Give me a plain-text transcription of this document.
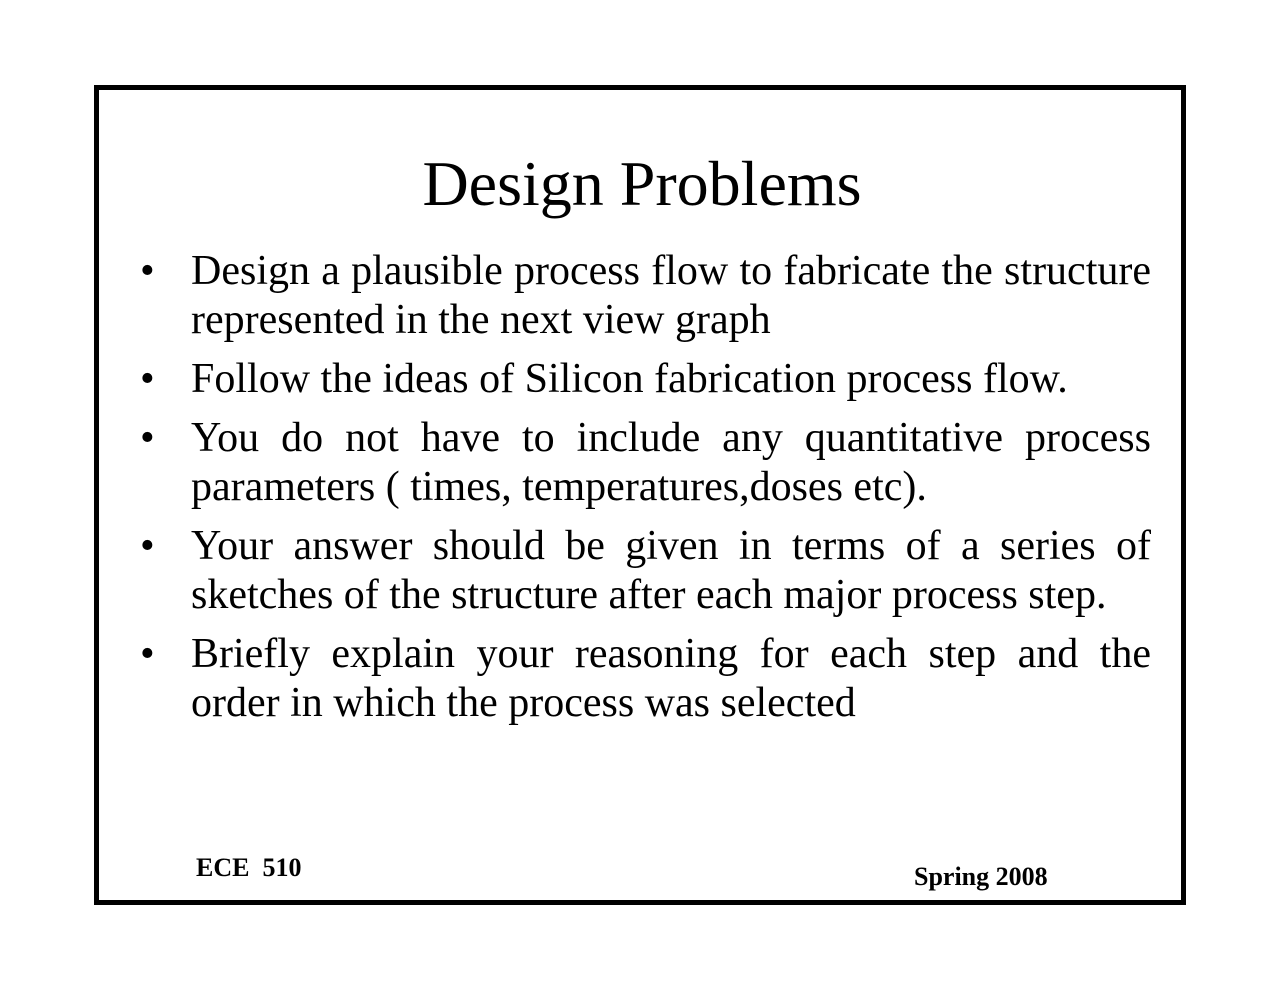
Design Problems
• Design a plausible process flow to fabricate the structure represented in the next view graph
• Follow the ideas of Silicon fabrication process flow.
• You do not have to include any quantitative process parameters ( times, temperatures,doses etc).
• Your answer should be given in terms of a series of sketches of the structure after each major process step.
• Briefly explain your reasoning for each step and the order in which the process was selected
ECE  510	Spring 2008
